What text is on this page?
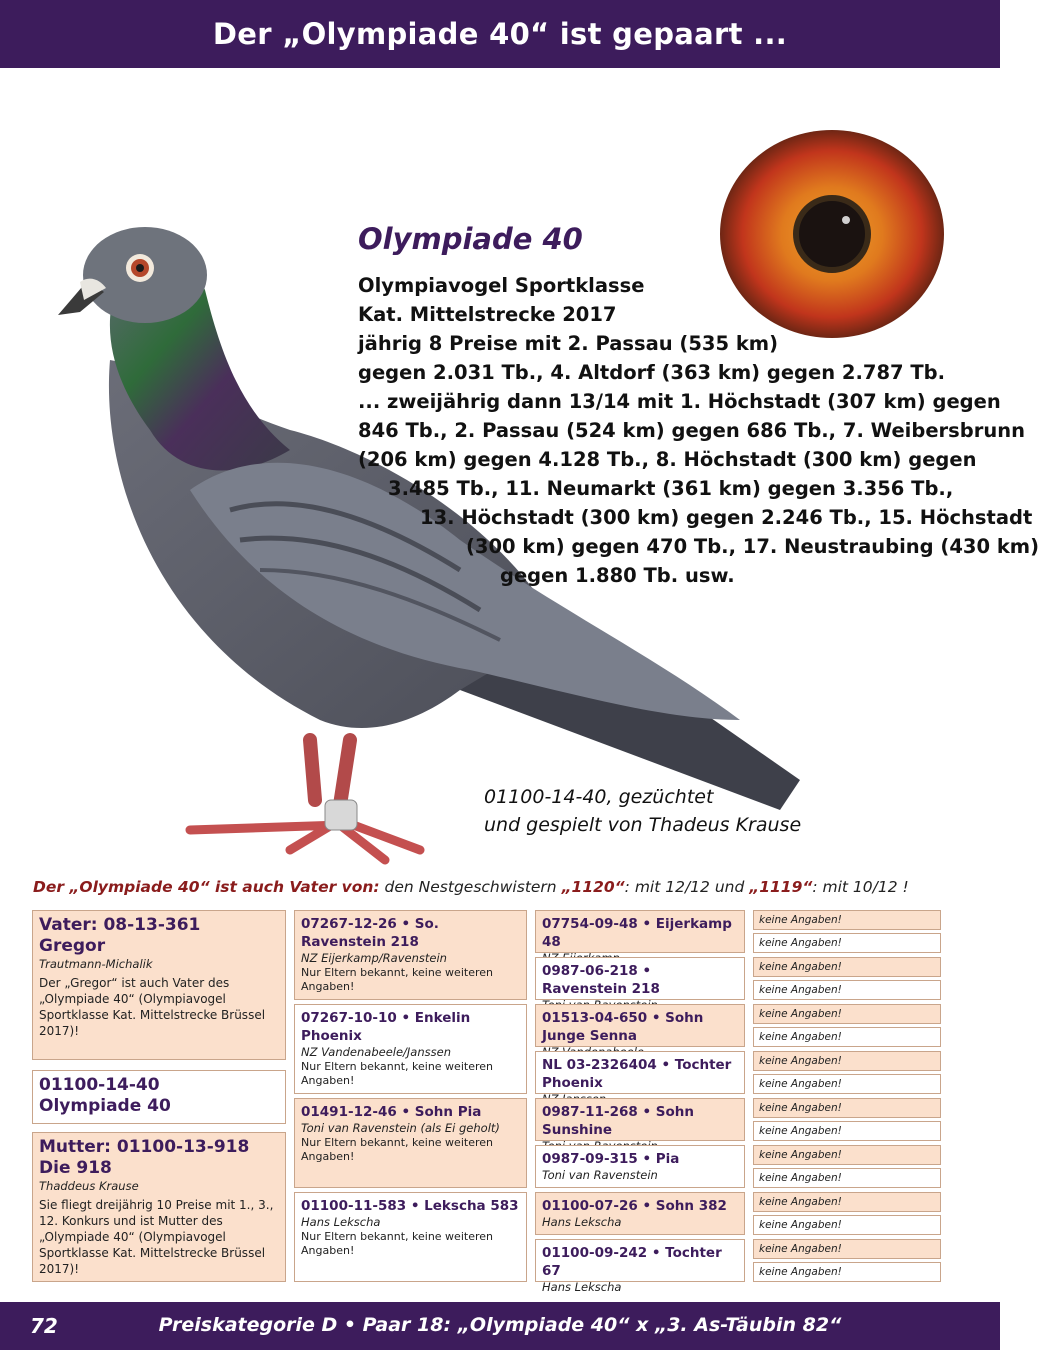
Der „Olympiade 40“ ist gepaart ...
Olympiade 40
Olympiavogel Sportklasse
Kat. Mittelstrecke 2017
jährig 8 Preise mit 2. Passau (535 km)
gegen 2.031 Tb., 4. Altdorf (363 km) gegen 2.787 Tb.
... zweijährig dann 13/14 mit 1. Höchstadt (307 km) gegen
846 Tb., 2. Passau (524 km) gegen 686 Tb., 7. Weibersbrunn
(206 km) gegen 4.128 Tb., 8. Höchstadt (300 km) gegen
3.485 Tb., 11. Neumarkt (361 km) gegen 3.356 Tb.,
13. Höchstadt (300 km) gegen 2.246 Tb., 15. Höchstadt
(300 km) gegen 470 Tb., 17. Neustraubing (430 km)
gegen 1.880 Tb. usw.
01100-14-40, gezüchtet
und gespielt von Thadeus Krause
Der „Olympiade 40“ ist auch Vater von: den Nestgeschwistern „1120“: mit 12/12 und „1119“: mit 10/12 !
Vater: 08-13-361
Gregor
Trautmann-Michalik
Der „Gregor“ ist auch Vater des „Olympiade 40“ (Olympiavogel Sportklasse Kat. Mittelstrecke Brüssel 2017)!
01100-14-40
Olympiade 40
Mutter: 01100-13-918
Die 918
Thaddeus Krause
Sie fliegt dreijährig 10 Preise mit 1., 3., 12. Konkurs und ist Mutter des „Olympiade 40“ (Olympiavogel Sportklasse Kat. Mittelstrecke Brüssel 2017)!
07267-12-26 • So. Ravenstein 218
NZ Eijerkamp/Ravenstein
Nur Eltern bekannt, keine weiteren Angaben!
07267-10-10 • Enkelin Phoenix
NZ Vandenabeele/Janssen
Nur Eltern bekannt, keine weiteren Angaben!
01491-12-46 • Sohn Pia
Toni van Ravenstein (als Ei geholt)
Nur Eltern bekannt, keine weiteren Angaben!
01100-11-583 • Lekscha 583
Hans Lekscha
Nur Eltern bekannt, keine weiteren Angaben!
07754-09-48 • Eijerkamp 48
0987-06-218 • Ravenstein 218
01513-04-650 • Sohn Junge Senna
NL 03-2326404 • Tochter Phoenix
0987-11-268 • Sohn Sunshine
0987-09-315 • Pia
Toni van Ravenstein
01100-07-26 • Sohn 382
Hans Lekscha
01100-09-242 • Tochter 67
Hans Lekscha
keine Angaben!
keine Angaben!
keine Angaben!
keine Angaben!
keine Angaben!
keine Angaben!
keine Angaben!
keine Angaben!
keine Angaben!
keine Angaben!
keine Angaben!
keine Angaben!
keine Angaben!
keine Angaben!
keine Angaben!
keine Angaben!
72	Preiskategorie D • Paar 18: „Olympiade 40“ x „3. As-Täubin 82“
